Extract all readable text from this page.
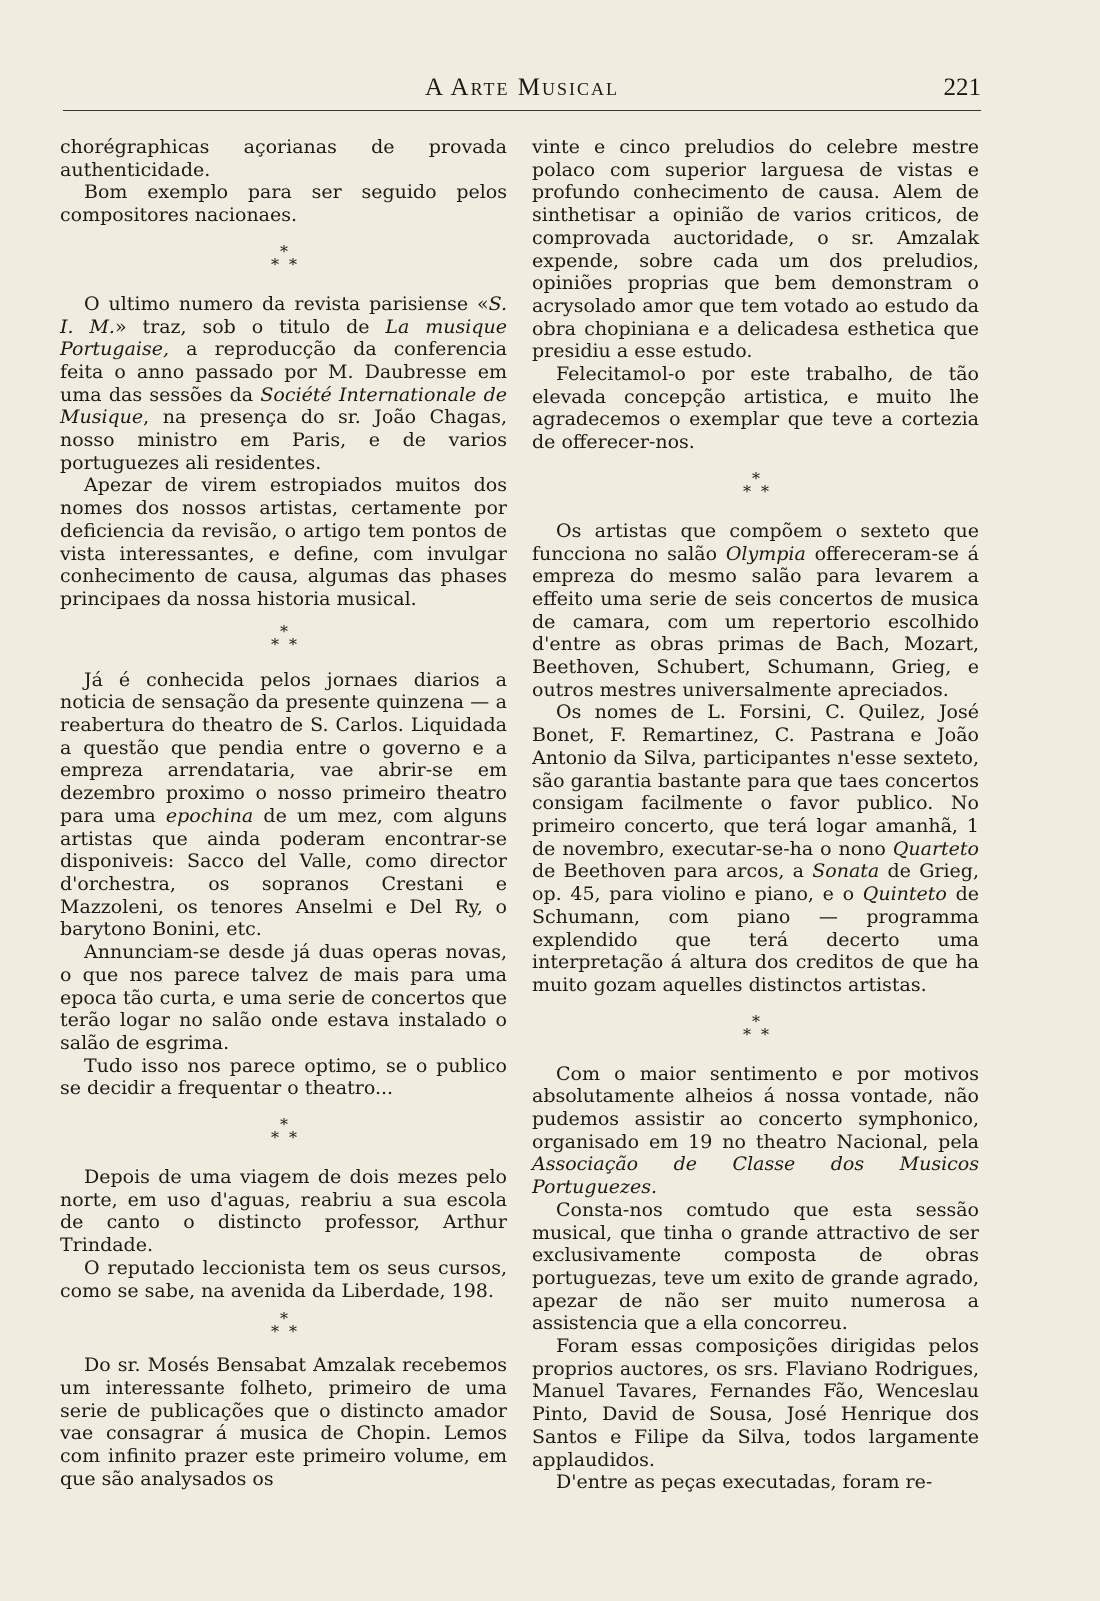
A Arte Musical	221

chorégraphicas açorianas de provada authenticidade.

Bom exemplo para ser seguido pelos compositores nacionaes.

*
* *

O ultimo numero da revista parisiense «S. I. M.» traz, sob o titulo de La musique Portugaise, a reproducção da conferencia feita o anno passado por M. Daubresse em uma das sessões da Société Internationale de Musique, na presença do sr. João Chagas, nosso ministro em Paris, e de varios portuguezes ali residentes.

Apezar de virem estropiados muitos dos nomes dos nossos artistas, certamente por deficiencia da revisão, o artigo tem pontos de vista interessantes, e define, com invulgar conhecimento de causa, algumas das phases principaes da nossa historia musical.

*
* *

Já é conhecida pelos jornaes diarios a noticia de sensação da presente quinzena — a reabertura do theatro de S. Carlos. Liquidada a questão que pendia entre o governo e a empreza arrendataria, vae abrir-se em dezembro proximo o nosso primeiro theatro para uma epochina de um mez, com alguns artistas que ainda poderam encontrar-se disponiveis: Sacco del Valle, como director d'orchestra, os sopranos Crestani e Mazzoleni, os tenores Anselmi e Del Ry, o barytono Bonini, etc.

Annunciam-se desde já duas operas novas, o que nos parece talvez de mais para uma epoca tão curta, e uma serie de concertos que terão logar no salão onde estava instalado o salão de esgrima.

Tudo isso nos parece optimo, se o publico se decidir a frequentar o theatro...

*
* *

Depois de uma viagem de dois mezes pelo norte, em uso d'aguas, reabriu a sua escola de canto o distincto professor, Arthur Trindade.

O reputado leccionista tem os seus cursos, como se sabe, na avenida da Liberdade, 198.

*
* *

Do sr. Mosés Bensabat Amzalak recebemos um interessante folheto, primeiro de uma serie de publicações que o distincto amador vae consagrar á musica de Chopin. Lemos com infinito prazer este primeiro volume, em que são analysados os

vinte e cinco preludios do celebre mestre polaco com superior larguesa de vistas e profundo conhecimento de causa. Alem de sinthetisar a opinião de varios criticos, de comprovada auctoridade, o sr. Amzalak expende, sobre cada um dos preludios, opiniões proprias que bem demonstram o acrysolado amor que tem votado ao estudo da obra chopiniana e a delicadesa esthetica que presidiu a esse estudo.

Felecitamol-o por este trabalho, de tão elevada concepção artistica, e muito lhe agradecemos o exemplar que teve a cortezia de offerecer-nos.

*
* *

Os artistas que compõem o sexteto que funcciona no salão Olympia offereceram-se á empreza do mesmo salão para levarem a effeito uma serie de seis concertos de musica de camara, com um repertorio escolhido d'entre as obras primas de Bach, Mozart, Beethoven, Schubert, Schumann, Grieg, e outros mestres universalmente apreciados.

Os nomes de L. Forsini, C. Quilez, José Bonet, F. Remartinez, C. Pastrana e João Antonio da Silva, participantes n'esse sexteto, são garantia bastante para que taes concertos consigam facilmente o favor publico. No primeiro concerto, que terá logar amanhã, 1 de novembro, executar-se-ha o nono Quarteto de Beethoven para arcos, a Sonata de Grieg, op. 45, para violino e piano, e o Quinteto de Schumann, com piano — programma explendido que terá decerto uma interpretação á altura dos creditos de que ha muito gozam aquelles distinctos artistas.

*
* *

Com o maior sentimento e por motivos absolutamente alheios á nossa vontade, não pudemos assistir ao concerto symphonico, organisado em 19 no theatro Nacional, pela Associação de Classe dos Musicos Portuguezes.

Consta-nos comtudo que esta sessão musical, que tinha o grande attractivo de ser exclusivamente composta de obras portuguezas, teve um exito de grande agrado, apezar de não ser muito numerosa a assistencia que a ella concorreu.

Foram essas composições dirigidas pelos proprios auctores, os srs. Flaviano Rodrigues, Manuel Tavares, Fernandes Fão, Wenceslau Pinto, David de Sousa, José Henrique dos Santos e Filipe da Silva, todos largamente applaudidos.

D'entre as peças executadas, foram re-
